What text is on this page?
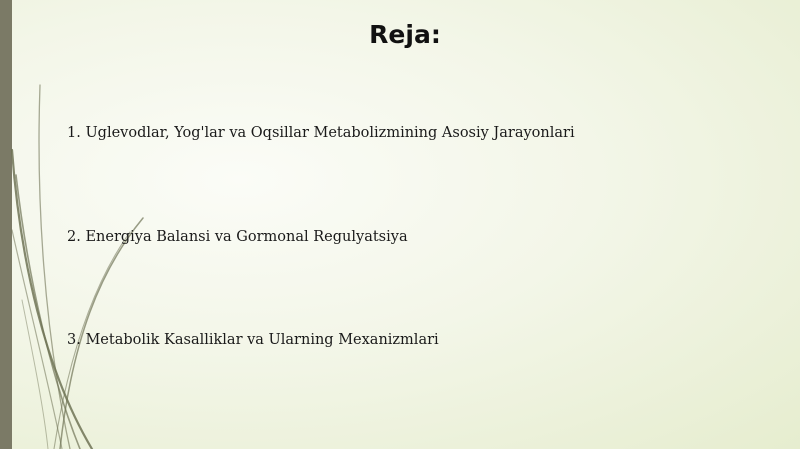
Reja:

1. Uglevodlar, Yog'lar va Oqsillar Metabolizmining Asosiy Jarayonlari

2. Energiya Balansi va Gormonal Regulyatsiya

3. Metabolik Kasalliklar va Ularning Mexanizmlari
